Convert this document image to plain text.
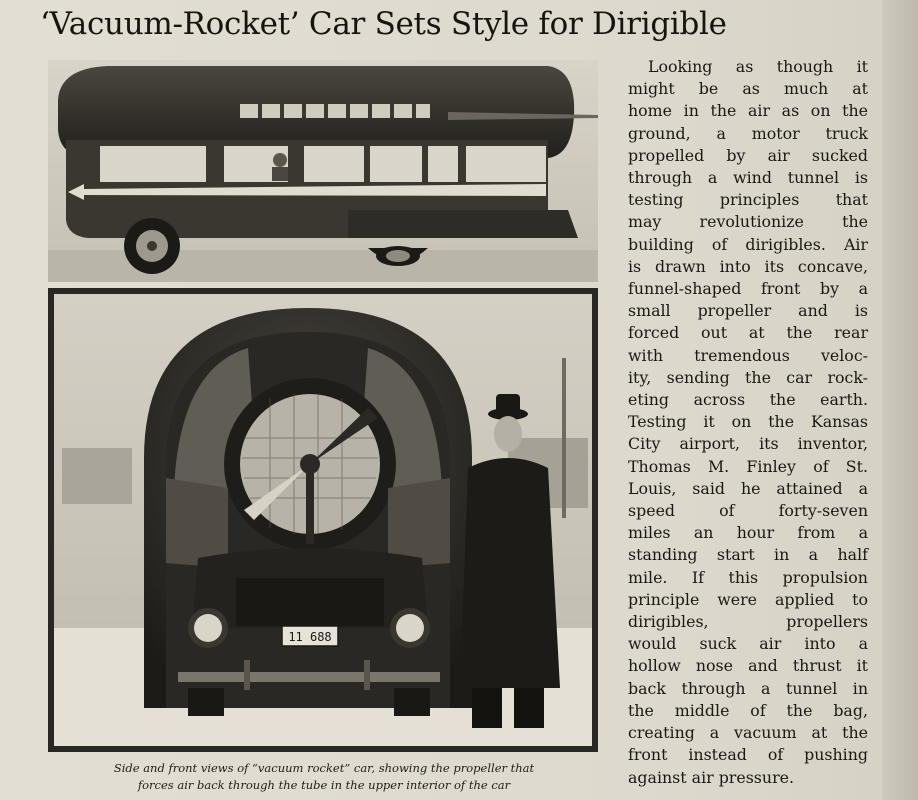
‘Vacuum-Rocket’ Car Sets Style for Dirigible
11 688
Side and front views of “vacuum rocket” car, showing the propeller that
forces air back through the tube in the upper interior of the car
Looking as though it
might be as much at
home in the air as on the
ground, a motor truck
propelled by air sucked
through a wind tunnel is
testing principles that
may revolutionize the
building of dirigibles. Air
is drawn into its concave,
funnel-shaped front by a
small propeller and is
forced out at the rear
with tremendous veloc-
ity, sending the car rock-
eting across the earth.
Testing it on the Kansas
City airport, its inventor,
Thomas M. Finley of St.
Louis, said he attained a
speed of forty-seven
miles an hour from a
standing start in a half
mile. If this propulsion
principle were applied to
dirigibles, propellers
would suck air into a
hollow nose and thrust it
back through a tunnel in
the middle of the bag,
creating a vacuum at the
front instead of pushing
against air pressure.
